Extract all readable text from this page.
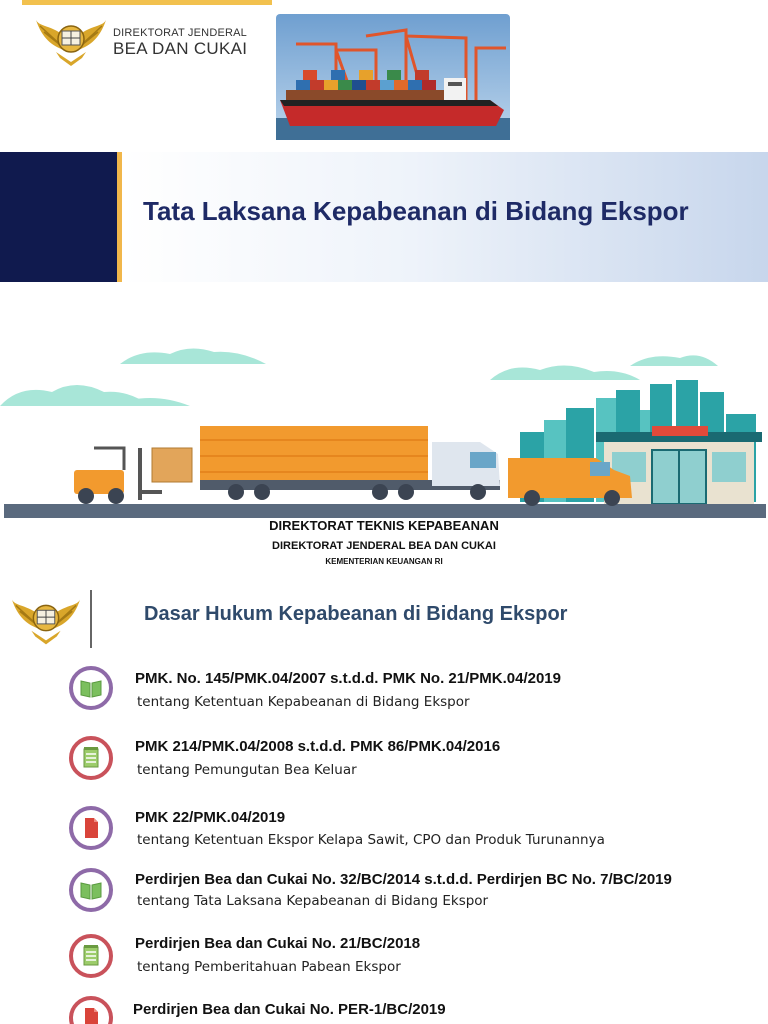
DIREKTORAT JENDERAL
BEA DAN CUKAI
Tata Laksana Kepabeanan di Bidang Ekspor
DIREKTORAT TEKNIS KEPABEANAN
DIREKTORAT JENDERAL BEA DAN CUKAI
KEMENTERIAN KEUANGAN RI
Dasar Hukum Kepabeanan di Bidang Ekspor
PMK. No. 145/PMK.04/2007 s.t.d.d. PMK No. 21/PMK.04/2019
tentang Ketentuan Kepabeanan di Bidang Ekspor
PMK 214/PMK.04/2008 s.t.d.d. PMK 86/PMK.04/2016
tentang Pemungutan Bea Keluar
PMK 22/PMK.04/2019
tentang Ketentuan Ekspor Kelapa Sawit, CPO dan Produk Turunannya
Perdirjen Bea dan Cukai No. 32/BC/2014 s.t.d.d. Perdirjen BC No. 7/BC/2019
tentang Tata Laksana Kepabeanan di Bidang Ekspor
Perdirjen Bea dan Cukai No. 21/BC/2018
tentang Pemberitahuan Pabean Ekspor
Perdirjen Bea dan Cukai No. PER-1/BC/2019
